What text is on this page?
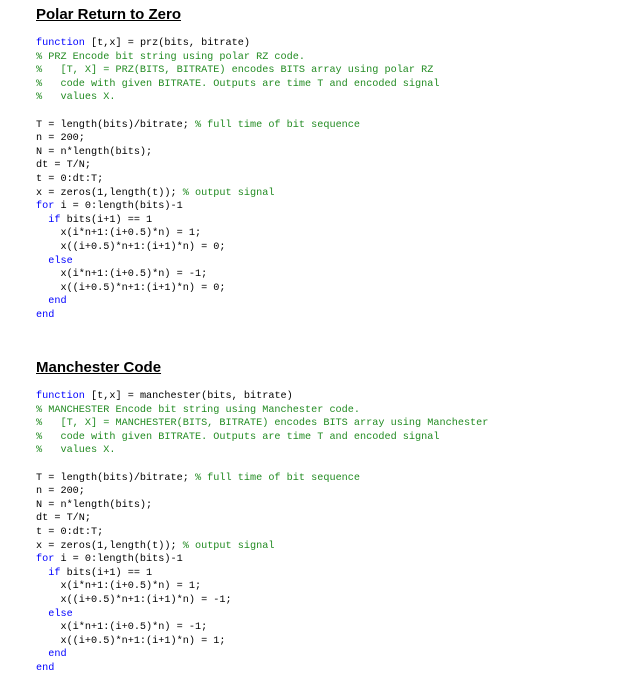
Polar Return to Zero
function [t,x] = prz(bits, bitrate)
% PRZ Encode bit string using polar RZ code.
%   [T, X] = PRZ(BITS, BITRATE) encodes BITS array using polar RZ
%   code with given BITRATE. Outputs are time T and encoded signal
%   values X.
T = length(bits)/bitrate; % full time of bit sequence
n = 200;
N = n*length(bits);
dt = T/N;
t = 0:dt:T;
x = zeros(1,length(t)); % output signal
for i = 0:length(bits)-1
if bits(i+1) == 1
x(i*n+1:(i+0.5)*n) = 1;
x((i+0.5)*n+1:(i+1)*n) = 0;
else
x(i*n+1:(i+0.5)*n) = -1;
x((i+0.5)*n+1:(i+1)*n) = 0;
end
end
Manchester Code
function [t,x] = manchester(bits, bitrate)
% MANCHESTER Encode bit string using Manchester code.
%   [T, X] = MANCHESTER(BITS, BITRATE) encodes BITS array using Manchester
%   code with given BITRATE. Outputs are time T and encoded signal
%   values X.
T = length(bits)/bitrate; % full time of bit sequence
n = 200;
N = n*length(bits);
dt = T/N;
t = 0:dt:T;
x = zeros(1,length(t)); % output signal
for i = 0:length(bits)-1
if bits(i+1) == 1
x(i*n+1:(i+0.5)*n) = 1;
x((i+0.5)*n+1:(i+1)*n) = -1;
else
x(i*n+1:(i+0.5)*n) = -1;
x((i+0.5)*n+1:(i+1)*n) = 1;
end
end
